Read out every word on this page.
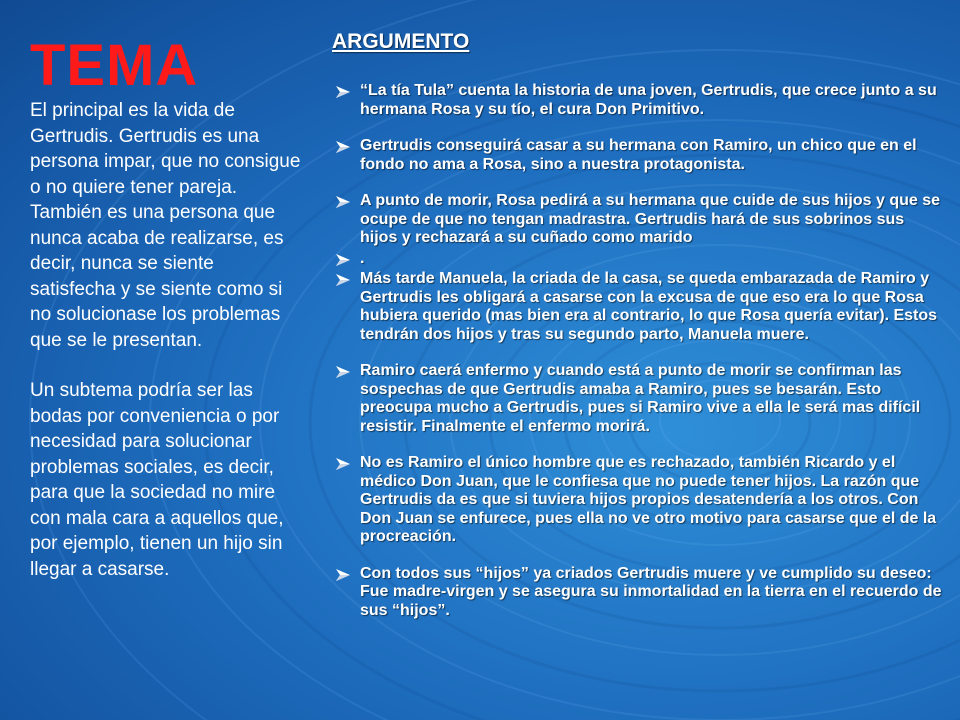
TEMA

El principal es la vida de Gertrudis. Gertrudis es una persona impar, que no consigue o no quiere tener pareja. También es una persona que nunca acaba de realizarse, es decir, nunca se siente satisfecha y se siente como si no solucionase los problemas que se le presentan.

Un subtema podría ser las bodas por conveniencia o por necesidad para solucionar problemas sociales, es decir, para que la sociedad no mire con mala cara a aquellos que, por ejemplo, tienen un hijo sin llegar a casarse.

ARGUMENTO
“La tía Tula” cuenta la historia de una joven, Gertrudis, que crece junto a su hermana Rosa y su tío, el cura Don Primitivo.
Gertrudis conseguirá casar a su hermana con Ramiro, un chico que en el fondo no ama a Rosa, sino a nuestra protagonista.
A punto de morir, Rosa pedirá a su hermana que cuide de sus hijos y que se ocupe de que no tengan madrastra. Gertrudis hará de sus sobrinos sus hijos y rechazará a su cuñado como marido
.
Más tarde Manuela, la criada de la casa, se queda embarazada de Ramiro y Gertrudis les obligará a casarse con la excusa de que eso era lo que Rosa hubiera querido (mas bien era al contrario, lo que Rosa quería evitar). Estos tendrán dos hijos y tras su segundo parto, Manuela muere.
Ramiro caerá enfermo y cuando está a punto de morir se confirman las sospechas de que Gertrudis amaba a Ramiro, pues se besarán. Esto preocupa mucho a Gertrudis, pues si Ramiro vive a ella le será mas difícil resistir. Finalmente el enfermo morirá.
No es Ramiro el único hombre que es rechazado, también Ricardo y el médico Don Juan, que le confiesa que no puede tener hijos. La razón que Gertrudis da es que si tuviera hijos propios desatendería a los otros. Con Don Juan se enfurece, pues ella no ve otro motivo para casarse que el de la procreación.
Con todos sus “hijos” ya criados Gertrudis muere y ve cumplido su deseo: Fue madre-virgen y se asegura su inmortalidad en la tierra en el recuerdo de sus “hijos”.
